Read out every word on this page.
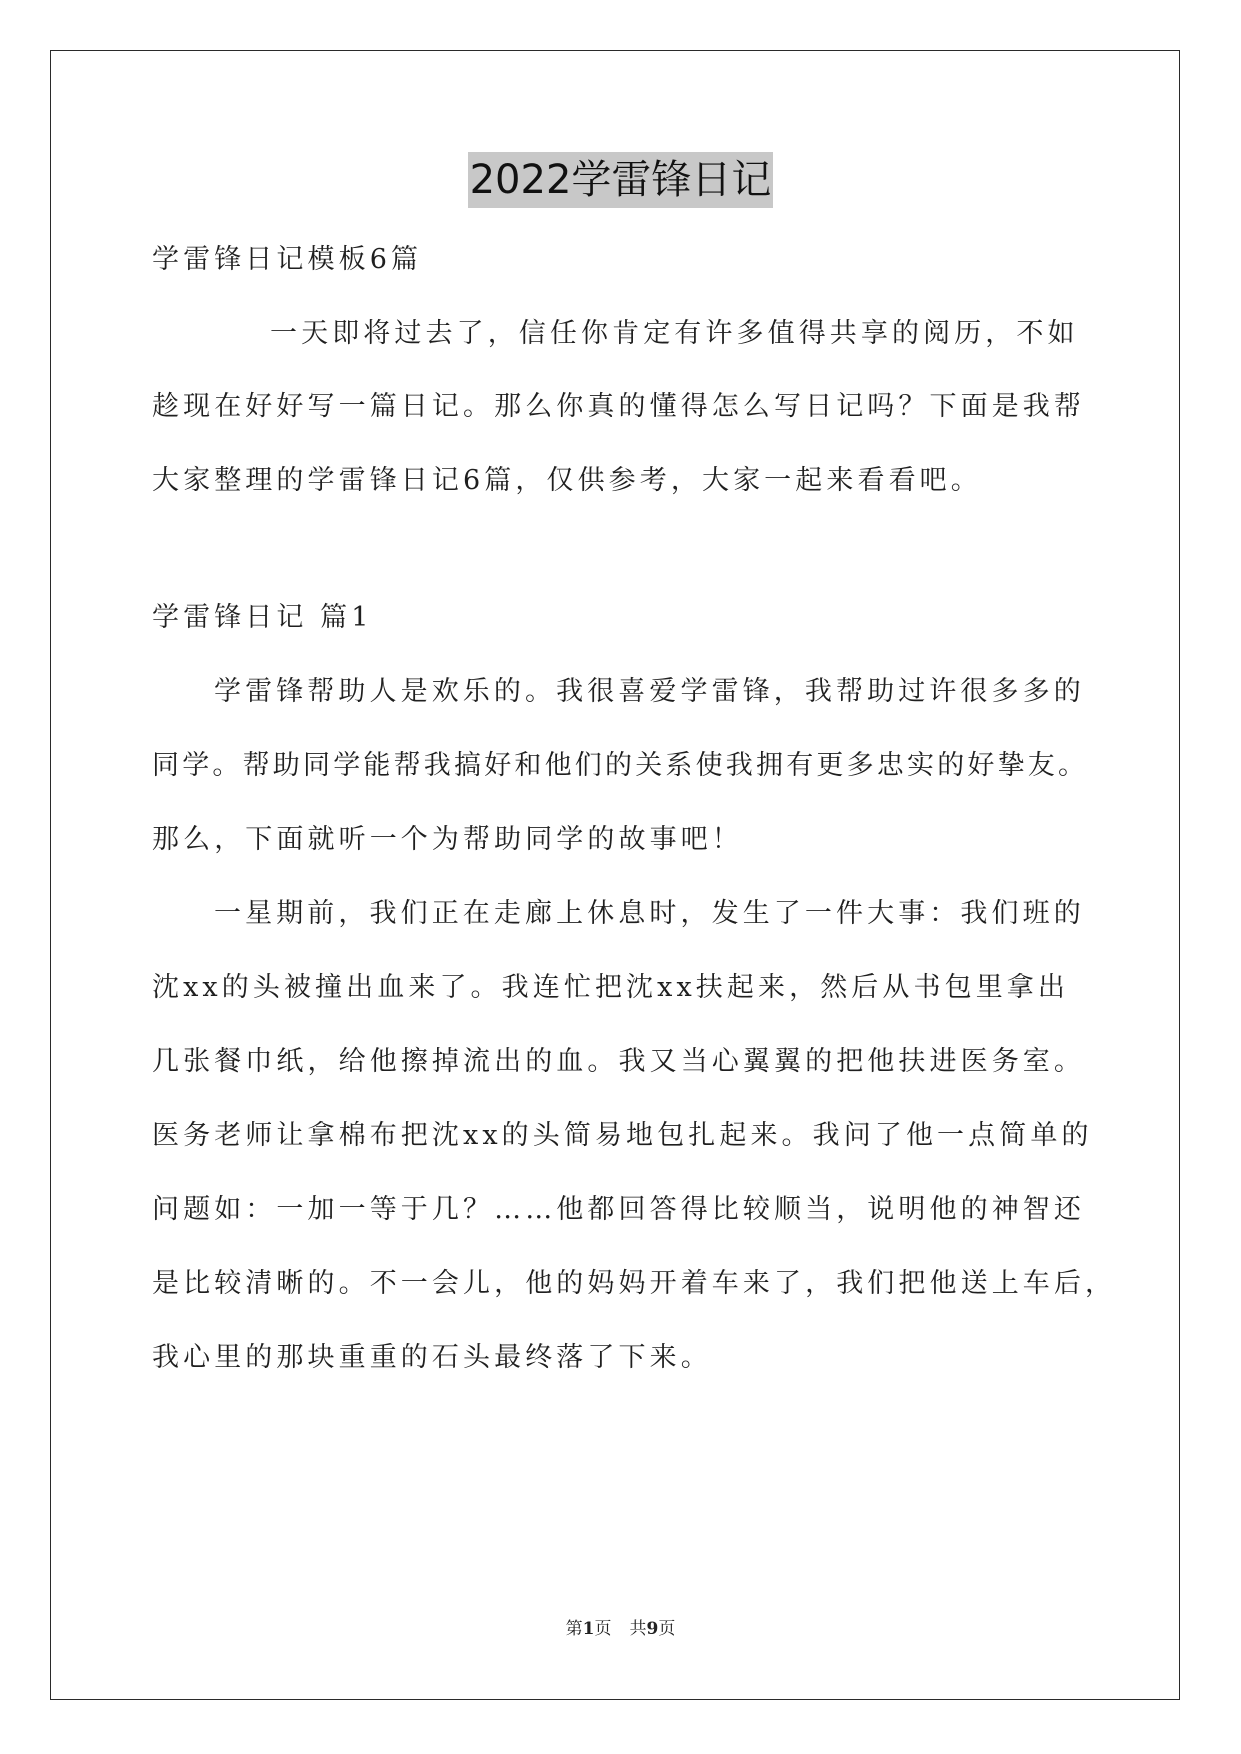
2022学雷锋日记
学雷锋日记模板6篇
一天即将过去了，信任你肯定有许多值得共享的阅历，不如
趁现在好好写一篇日记。那么你真的懂得怎么写日记吗？下面是我帮
大家整理的学雷锋日记6篇，仅供参考，大家一起来看看吧。
学雷锋日记 篇1
学雷锋帮助人是欢乐的。我很喜爱学雷锋，我帮助过许很多多的
同学。帮助同学能帮我搞好和他们的关系使我拥有更多忠实的好挚友。
那么，下面就听一个为帮助同学的故事吧！
一星期前，我们正在走廊上休息时，发生了一件大事：我们班的
沈xx的头被撞出血来了。我连忙把沈xx扶起来，然后从书包里拿出
几张餐巾纸，给他擦掉流出的血。我又当心翼翼的把他扶进医务室。
医务老师让拿棉布把沈xx的头简易地包扎起来。我问了他一点简单的
问题如：一加一等于几？……他都回答得比较顺当，说明他的神智还
是比较清晰的。不一会儿，他的妈妈开着车来了，我们把他送上车后，
我心里的那块重重的石头最终落了下来。
第1页 共9页
